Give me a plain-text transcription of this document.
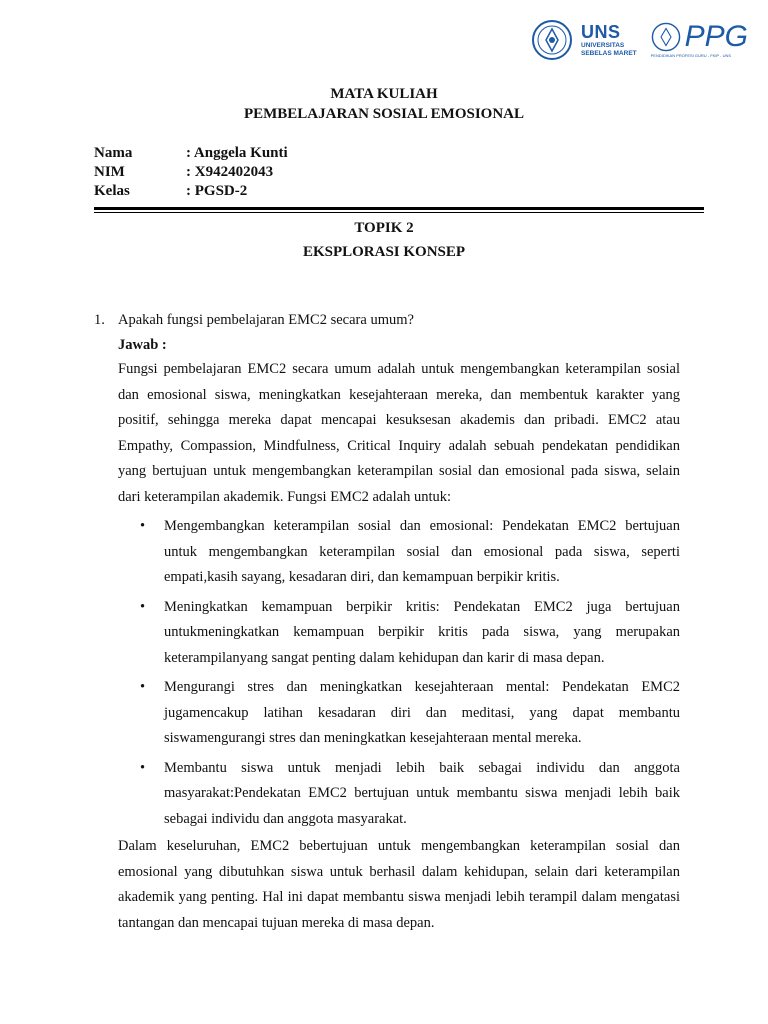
UNS
UNIVERSITAS
SEBELAS MARET
PPG
PENDIDIKAN PROFESI GURU - FKIP - UNS
MATA KULIAH
PEMBELAJARAN SOSIAL EMOSIONAL
Nama	: Anggela Kunti
NIM	: X942402043
Kelas	: PGSD-2
TOPIK 2
EKSPLORASI KONSEP
1. Apakah fungsi pembelajaran EMC2 secara umum?
Jawab :

Fungsi pembelajaran EMC2 secara umum adalah untuk mengembangkan keterampilan sosial dan emosional siswa, meningkatkan kesejahteraan mereka, dan membentuk karakter yang positif, sehingga mereka dapat mencapai kesuksesan akademis dan pribadi. EMC2 atau Empathy, Compassion, Mindfulness, Critical Inquiry adalah sebuah pendekatan pendidikan yang bertujuan untuk mengembangkan keterampilan sosial dan emosional pada siswa, selain dari keterampilan akademik. Fungsi EMC2 adalah untuk:

• Mengembangkan keterampilan sosial dan emosional: Pendekatan EMC2 bertujuan untuk mengembangkan keterampilan sosial dan emosional pada siswa, seperti empati,kasih sayang, kesadaran diri, dan kemampuan berpikir kritis.
• Meningkatkan kemampuan berpikir kritis: Pendekatan EMC2 juga bertujuan untukmeningkatkan kemampuan berpikir kritis pada siswa, yang merupakan keterampilanyang sangat penting dalam kehidupan dan karir di masa depan.
• Mengurangi stres dan meningkatkan kesejahteraan mental: Pendekatan EMC2 jugamencakup latihan kesadaran diri dan meditasi, yang dapat membantu siswamengurangi stres dan meningkatkan kesejahteraan mental mereka.
• Membantu siswa untuk menjadi lebih baik sebagai individu dan anggota masyarakat:Pendekatan EMC2 bertujuan untuk membantu siswa menjadi lebih baik sebagai individu dan anggota masyarakat.

Dalam keseluruhan, EMC2 bebertujuan untuk mengembangkan keterampilan sosial dan emosional yang dibutuhkan siswa untuk berhasil dalam kehidupan, selain dari keterampilan akademik yang penting. Hal ini dapat membantu siswa menjadi lebih terampil dalam mengatasi tantangan dan mencapai tujuan mereka di masa depan.
